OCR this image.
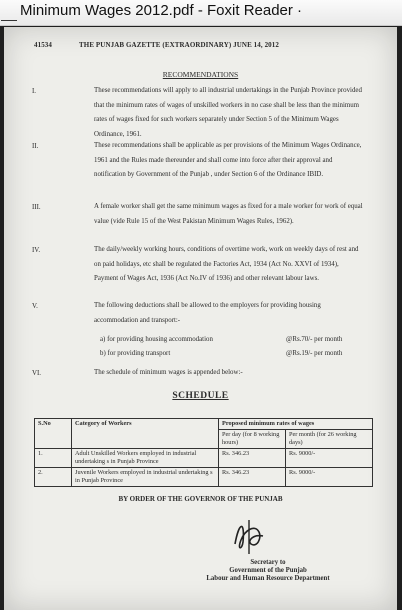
Minimum Wages 2012.pdf - Foxit Reader ·
41534	THE PUNJAB GAZETTE (EXTRAORDINARY) JUNE 14, 2012
RECOMMENDATIONS
I.	These recommendations will apply to all industrial undertakings in the Punjab Province provided that the minimum rates of wages of unskilled workers in no case shall be less than the minimum rates of wages fixed for such workers separately under Section 5 of the Minimum Wages Ordinance, 1961.
II.	These recommendations shall be applicable as per provisions of the Minimum Wages Ordinance, 1961 and the Rules made thereunder and shall come into force after their approval and notification by Government of the Punjab , under Section 6 of the Ordinance IBID.
III.	A female worker shall get the same minimum wages as fixed for a male worker for work of equal value (vide Rule 15 of the West Pakistan Minimum Wages Rules, 1962).
IV.	The daily/weekly working hours, conditions of overtime work, work on weekly days of rest and on paid holidays, etc shall be regulated the Factories Act, 1934 (Act No. XXVI of 1934), Payment of Wages Act, 1936 (Act No.IV of 1936) and other relevant labour laws.
V.	The following deductions shall be allowed to the employers for providing housing accommodation and transport:-
a) for providing housing accommodation	@Rs.70/- per month
b) for providing transport	@Rs.19/- per month
VI.	The schedule of minimum wages is appended below:-
SCHEDULE
S.No	Category of Workers	Proposed minimum rates of wages	
		Per day (for 8 working hours)	Per month (for 26 working days)
1.	Adult Unskilled Workers employed in industrial undertaking s in Punjab Province	Rs. 346.23	Rs. 9000/-
2.	Juvenile Workers employed in industrial undertaking s in Punjab Province	Rs. 346.23	Rs. 9000/-
BY ORDER OF THE GOVERNOR OF THE PUNJAB
Secretary to
Government of the Punjab
Labour and Human Resource Department
